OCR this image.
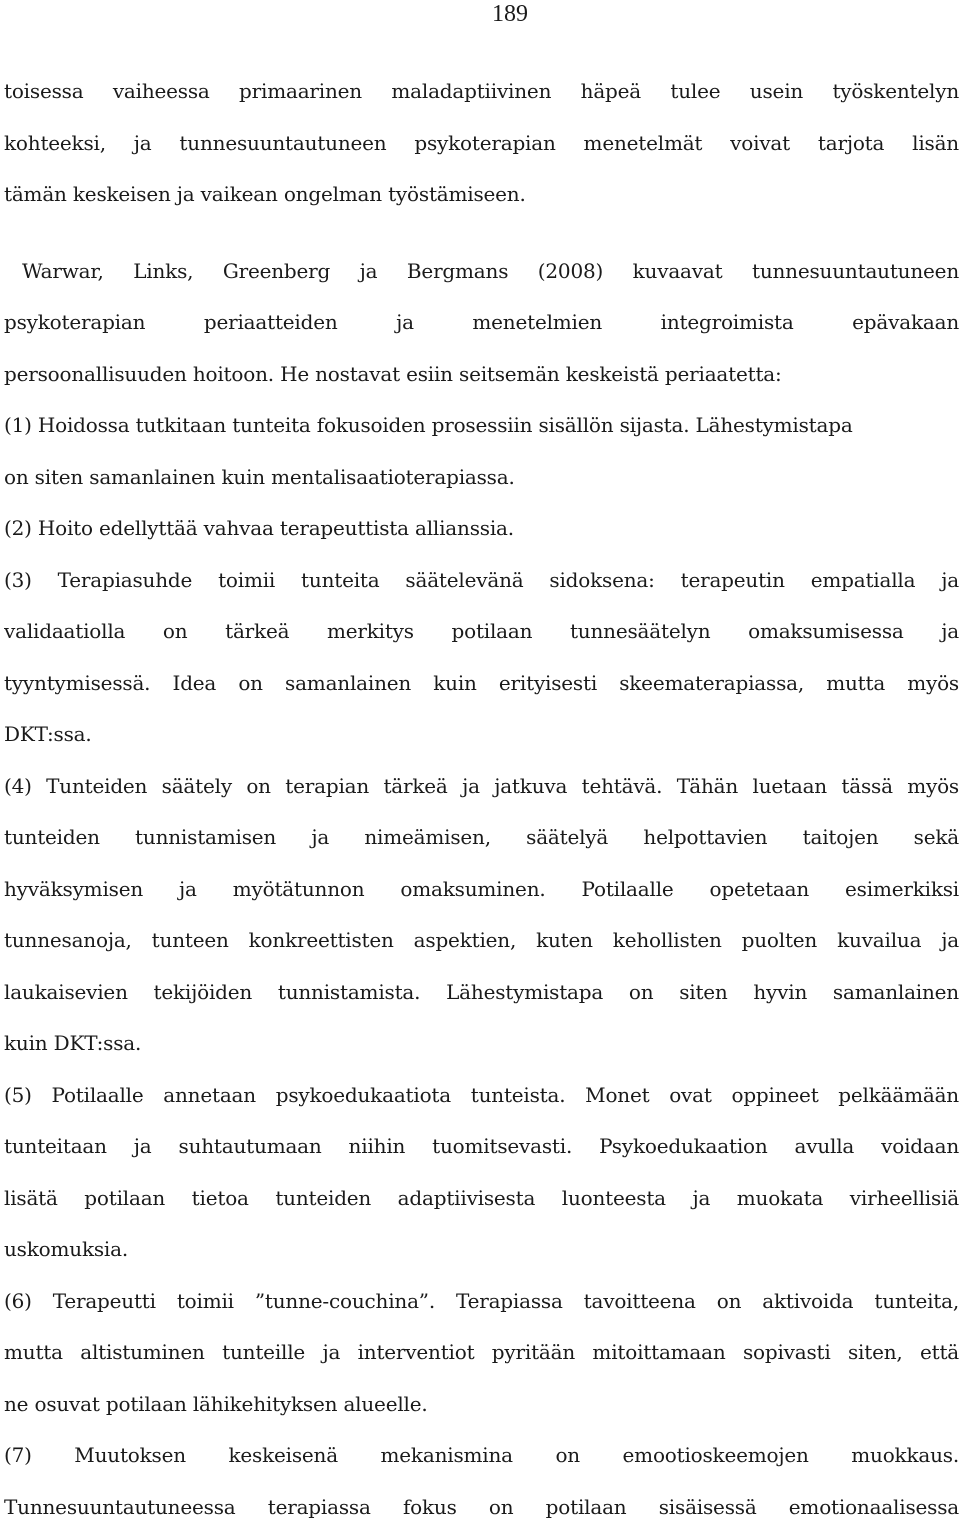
189
toisessa vaiheessa primaarinen maladaptiivinen häpeä tulee usein työskentelyn
kohteeksi, ja tunnesuuntautuneen psykoterapian menetelmät voivat tarjota lisän
tämän keskeisen ja vaikean ongelman työstämiseen.
Warwar, Links, Greenberg ja Bergmans (2008) kuvaavat tunnesuuntautuneen
psykoterapian periaatteiden ja menetelmien integroimista epävakaan
persoonallisuuden hoitoon. He nostavat esiin seitsemän keskeistä periaatetta:
(1) Hoidossa tutkitaan tunteita fokusoiden prosessiin sisällön sijasta. Lähestymistapa
on siten samanlainen kuin mentalisaatioterapiassa.
(2) Hoito edellyttää vahvaa terapeuttista allianssia.
(3) Terapiasuhde toimii tunteita säätelevänä sidoksena: terapeutin empatialla ja
validaatiolla on tärkeä merkitys potilaan tunnesäätelyn omaksumisessa ja
tyyntymisessä. Idea on samanlainen kuin erityisesti skeematerapiassa, mutta myös
DKT:ssa.
(4) Tunteiden säätely on terapian tärkeä ja jatkuva tehtävä. Tähän luetaan tässä myös
tunteiden tunnistamisen ja nimeämisen, säätelyä helpottavien taitojen sekä
hyväksymisen ja myötätunnon omaksuminen. Potilaalle opetetaan esimerkiksi
tunnesanoja, tunteen konkreettisten aspektien, kuten kehollisten puolten kuvailua ja
laukaisevien tekijöiden tunnistamista. Lähestymistapa on siten hyvin samanlainen
kuin DKT:ssa.
(5) Potilaalle annetaan psykoedukaatiota tunteista. Monet ovat oppineet pelkäämään
tunteitaan ja suhtautumaan niihin tuomitsevasti. Psykoedukaation avulla voidaan
lisätä potilaan tietoa tunteiden adaptiivisesta luonteesta ja muokata virheellisiä
uskomuksia.
(6) Terapeutti toimii ”tunne-couchina”. Terapiassa tavoitteena on aktivoida tunteita,
mutta altistuminen tunteille ja interventiot pyritään mitoittamaan sopivasti siten, että
ne osuvat potilaan lähikehityksen alueelle.
(7) Muutoksen keskeisenä mekanismina on emootioskeemojen muokkaus.
Tunnesuuntautuneessa terapiassa fokus on potilaan sisäisessä emotionaalisessa
